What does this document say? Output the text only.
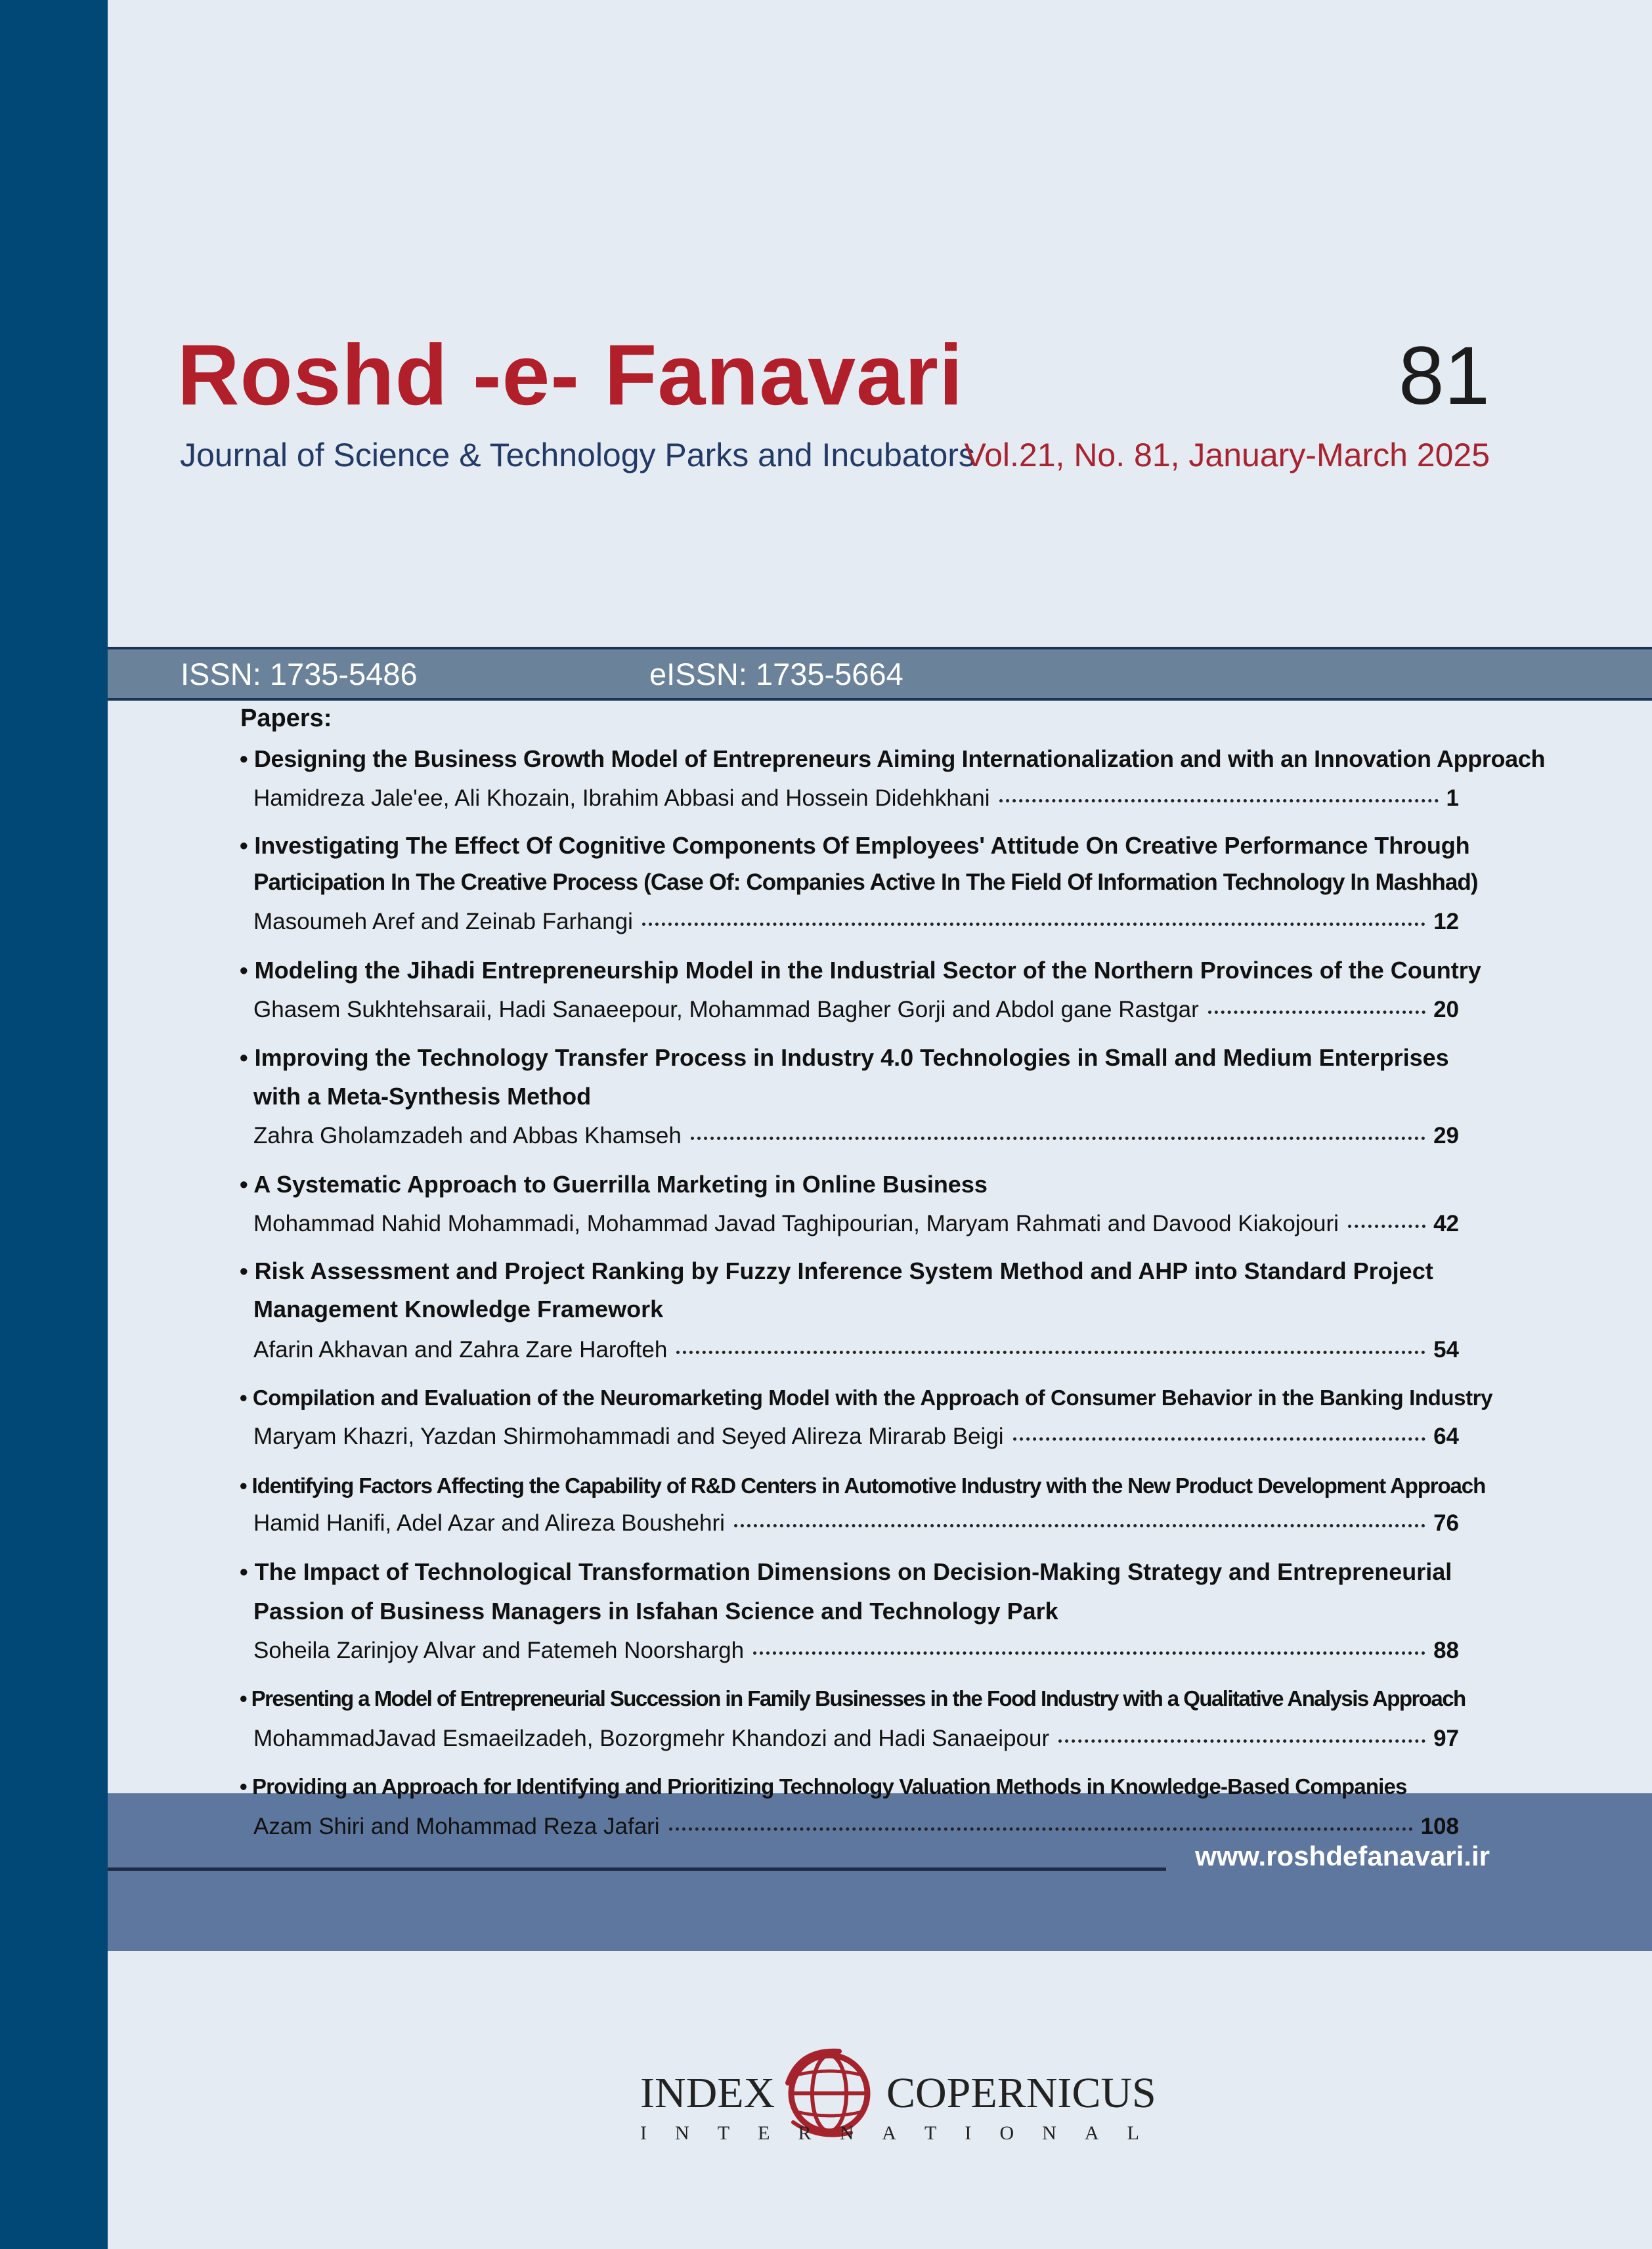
Roshd -e- Fanavari
Journal of Science & Technology Parks and Incubators
81
Vol.21, No. 81, January-March 2025
ISSN: 1735-5486	eISSN: 1735-5664
www.roshdefanavari.ir
Papers:
• Designing the Business Growth Model of Entrepreneurs Aiming Internationalization and with an Innovation Approach
Hamidreza Jale'ee, Ali Khozain, Ibrahim Abbasi and Hossein Didehkhani	1
• Investigating The Effect Of Cognitive Components Of Employees' Attitude On Creative Performance Through
Participation In The Creative Process (Case Of: Companies Active In The Field Of Information Technology In Mashhad)
Masoumeh Aref and Zeinab Farhangi	12
• Modeling the Jihadi Entrepreneurship Model in the Industrial Sector of the Northern Provinces of the Country
Ghasem Sukhtehsaraii, Hadi Sanaeepour, Mohammad Bagher Gorji and Abdol gane Rastgar	20
• Improving the Technology Transfer Process in Industry 4.0 Technologies in Small and Medium Enterprises
with a Meta-Synthesis Method
Zahra Gholamzadeh and Abbas Khamseh	29
• A Systematic Approach to Guerrilla Marketing in Online Business
Mohammad Nahid Mohammadi, Mohammad Javad Taghipourian, Maryam Rahmati and Davood Kiakojouri	42
• Risk Assessment and Project Ranking by Fuzzy Inference System Method and AHP into Standard Project
Management Knowledge Framework
Afarin Akhavan and Zahra Zare Harofteh	54
• Compilation and Evaluation of the Neuromarketing Model with the Approach of Consumer Behavior in the Banking Industry
Maryam Khazri, Yazdan Shirmohammadi and Seyed Alireza Mirarab Beigi	64
• Identifying Factors Affecting the Capability of R&D Centers in Automotive Industry with the New Product Development Approach
Hamid Hanifi, Adel Azar and Alireza Boushehri	76
• The Impact of Technological Transformation Dimensions on Decision-Making Strategy and Entrepreneurial
Passion of Business Managers in Isfahan Science and Technology Park
Soheila Zarinjoy Alvar and Fatemeh Noorshargh	88
• Presenting a Model of Entrepreneurial Succession in Family Businesses in the Food Industry with a Qualitative Analysis Approach
MohammadJavad Esmaeilzadeh, Bozorgmehr Khandozi and Hadi Sanaeipour	97
• Providing an Approach for Identifying and Prioritizing Technology Valuation Methods in Knowledge-Based Companies
Azam Shiri and Mohammad Reza Jafari	108
INDEX	COPERNICUS
I N T E R N A T I O N A L
